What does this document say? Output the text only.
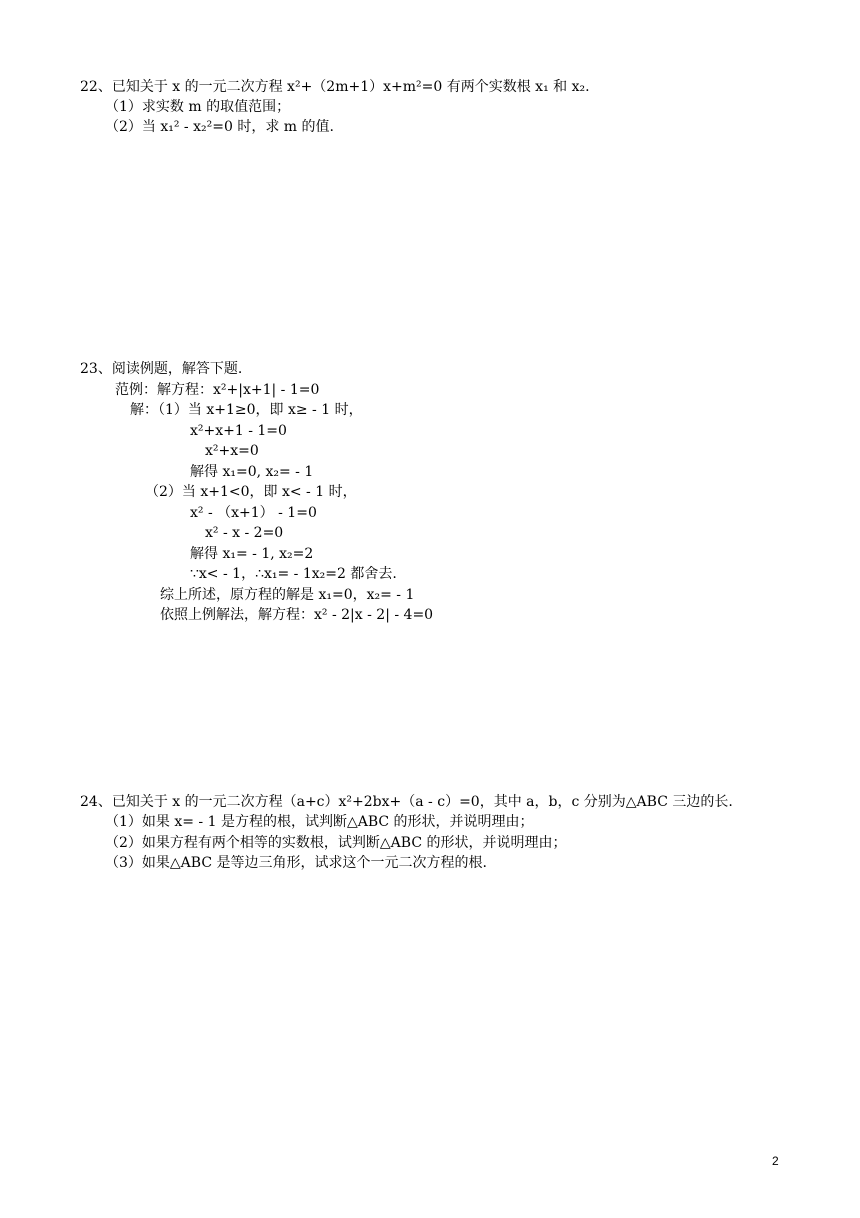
22、已知关于 x 的一元二次方程 x²+（2m+1）x+m²=0 有两个实数根 x₁ 和 x₂.
（1）求实数 m 的取值范围；
（2）当 x₁² - x₂²=0 时，求 m 的值.
23、阅读例题，解答下题.
范例：解方程：x²+|x+1| - 1=0
解：（1）当 x+1≥0，即 x≥ - 1 时，
x²+x+1 - 1=0
x²+x=0
解得 x₁=0, x₂= - 1
（2）当 x+1<0，即 x< - 1 时，
x² - （x+1） - 1=0
x² - x - 2=0
解得 x₁= - 1, x₂=2
∵x< - 1，∴x₁= - 1x₂=2 都舍去.
综上所述，原方程的解是 x₁=0，x₂= - 1
依照上例解法，解方程：x² - 2|x - 2| - 4=0
24、已知关于 x 的一元二次方程（a+c）x²+2bx+（a - c）=0，其中 a，b，c 分别为△ABC 三边的长.
（1）如果 x= - 1 是方程的根，试判断△ABC 的形状，并说明理由；
（2）如果方程有两个相等的实数根，试判断△ABC 的形状，并说明理由；
（3）如果△ABC 是等边三角形，试求这个一元二次方程的根.
2
